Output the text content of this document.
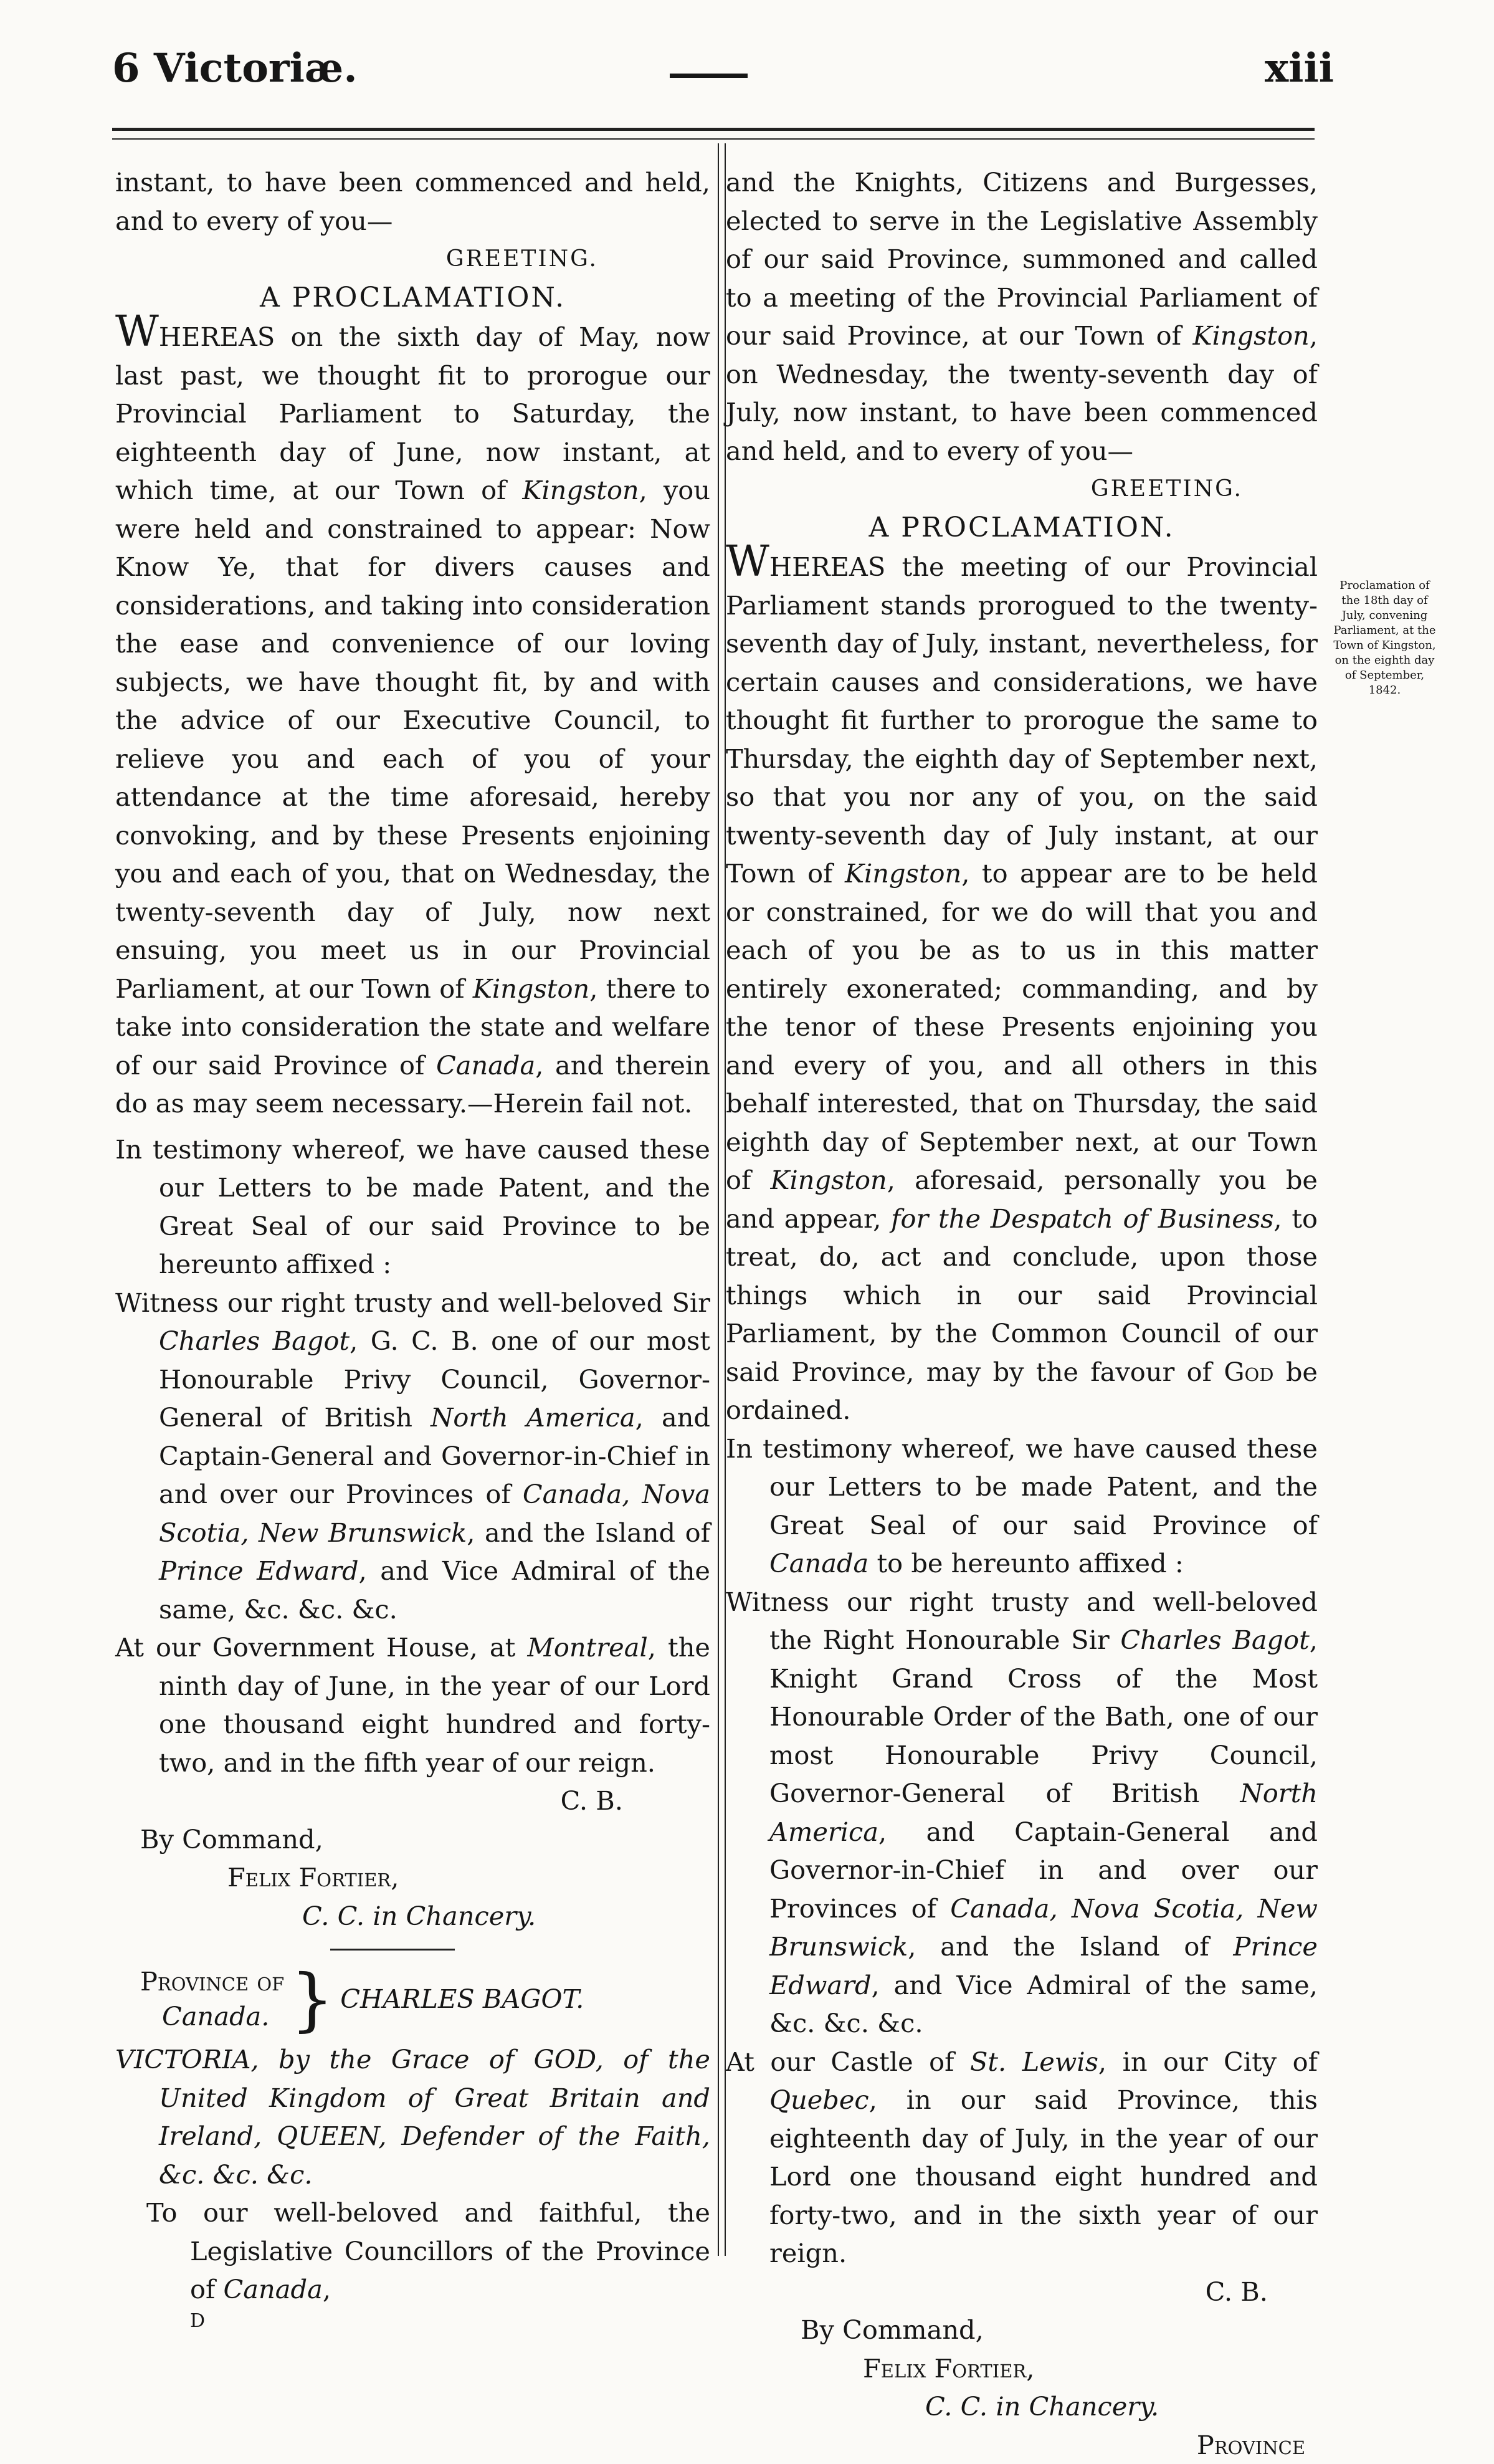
6 Victoriæ.	xiii

instant, to have been commenced and held, and to every of you—

GREETING.

A PROCLAMATION.

WHEREAS on the sixth day of May, now last past, we thought fit to prorogue our Provincial Parliament to Saturday, the eighteenth day of June, now instant, at which time, at our Town of Kingston, you were held and constrained to appear: Now Know Ye, that for divers causes and considerations, and taking into consideration the ease and convenience of our loving subjects, we have thought fit, by and with the advice of our Executive Council, to relieve you and each of you of your attendance at the time aforesaid, hereby convoking, and by these Presents enjoining you and each of you, that on Wednesday, the twenty-seventh day of July, now next ensuing, you meet us in our Provincial Parliament, at our Town of Kingston, there to take into consideration the state and welfare of our said Province of Canada, and therein do as may seem necessary.—Herein fail not.

In testimony whereof, we have caused these our Letters to be made Patent, and the Great Seal of our said Province to be hereunto affixed :

Witness our right trusty and well-beloved Sir Charles Bagot, G. C. B. one of our most Honourable Privy Council, Governor-General of British North America, and Captain-General and Governor-in-Chief in and over our Provinces of Canada, Nova Scotia, New Brunswick, and the Island of Prince Edward, and Vice Admiral of the same, &c. &c. &c.

At our Government House, at Montreal, the ninth day of June, in the year of our Lord one thousand eight hundred and forty-two, and in the fifth year of our reign.

C. B.

By Command,

Felix Fortier,

C. C. in Chancery.

Province of
Canada. } CHARLES BAGOT.

VICTORIA, by the Grace of GOD, of the United Kingdom of Great Britain and Ireland, QUEEN, Defender of the Faith, &c. &c. &c.

To our well-beloved and faithful, the Legislative Councillors of the Province of Canada,

D

and the Knights, Citizens and Burgesses, elected to serve in the Legislative Assembly of our said Province, summoned and called to a meeting of the Provincial Parliament of our said Province, at our Town of Kingston, on Wednesday, the twenty-seventh day of July, now instant, to have been commenced and held, and to every of you—

GREETING.

A PROCLAMATION.

WHEREAS the meeting of our Provincial Parliament stands prorogued to the twenty-seventh day of July, instant, nevertheless, for certain causes and considerations, we have thought fit further to prorogue the same to Thursday, the eighth day of September next, so that you nor any of you, on the said twenty-seventh day of July instant, at our Town of Kingston, to appear are to be held or constrained, for we do will that you and each of you be as to us in this matter entirely exonerated; commanding, and by the tenor of these Presents enjoining you and every of you, and all others in this behalf interested, that on Thursday, the said eighth day of September next, at our Town of Kingston, aforesaid, personally you be and appear, for the Despatch of Business, to treat, do, act and conclude, upon those things which in our said Provincial Parliament, by the Common Council of our said Province, may by the favour of God be ordained.

In testimony whereof, we have caused these our Letters to be made Patent, and the Great Seal of our said Province of Canada to be hereunto affixed :

Witness our right trusty and well-beloved the Right Honourable Sir Charles Bagot, Knight Grand Cross of the Most Honourable Order of the Bath, one of our most Honourable Privy Council, Governor-General of British North America, and Captain-General and Governor-in-Chief in and over our Provinces of Canada, Nova Scotia, New Brunswick, and the Island of Prince Edward, and Vice Admiral of the same, &c. &c. &c.

At our Castle of St. Lewis, in our City of Quebec, in our said Province, this eighteenth day of July, in the year of our Lord one thousand eight hundred and forty-two, and in the sixth year of our reign.

C. B.

By Command,

Felix Fortier,

C. C. in Chancery.

Province

Proclamation of the 18th day of July, convening Parliament, at the Town of Kingston, on the eighth day of September, 1842.
